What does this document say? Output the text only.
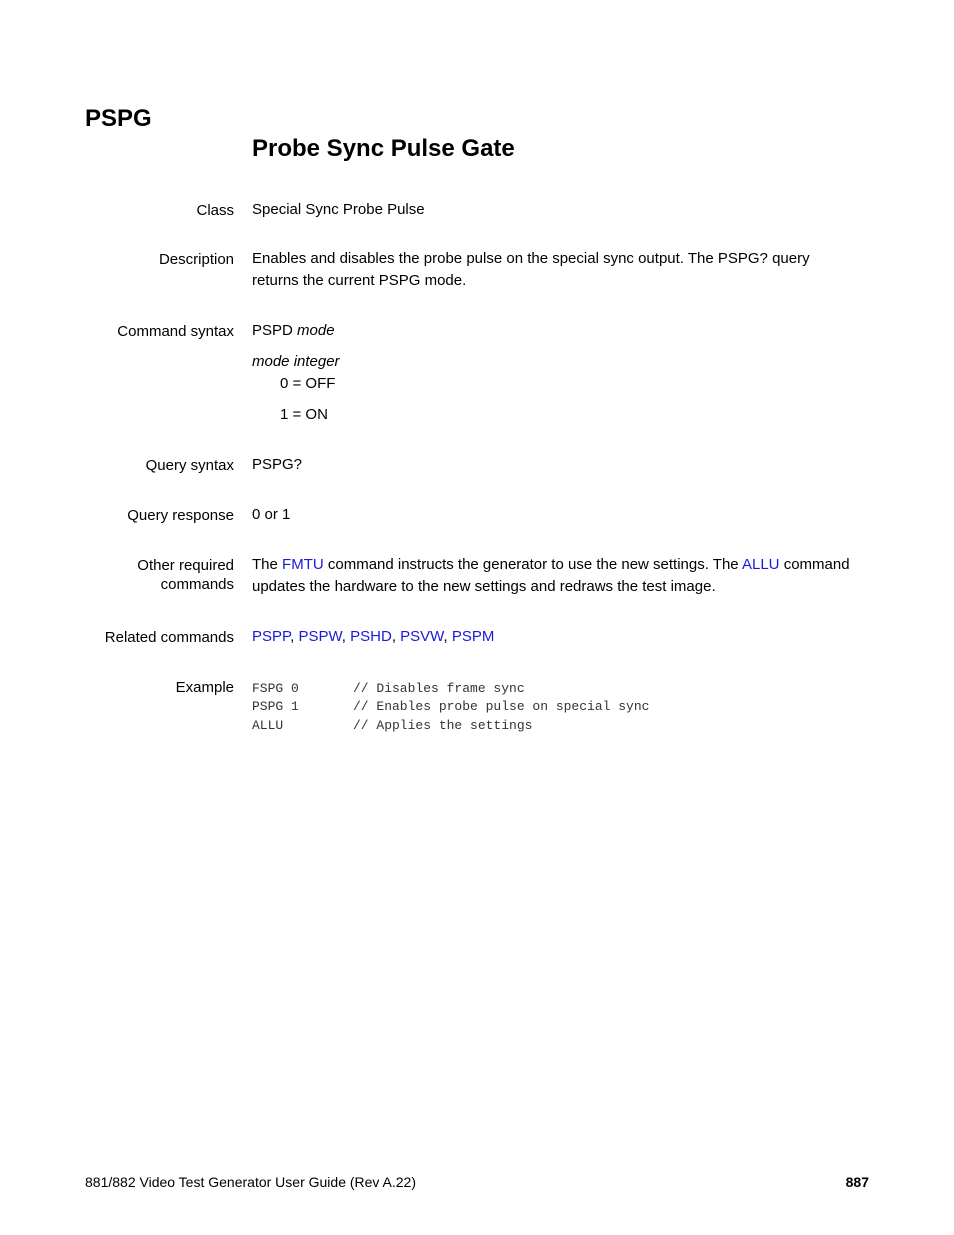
PSPG
Probe Sync Pulse Gate
Class Special Sync Probe Pulse
Description Enables and disables the probe pulse on the special sync output. The PSPG? query
returns the current PSPG mode.
Command syntax PSPD mode
mode integer
0 = OFF
1 = ON
Query syntax PSPG?
Query response 0 or 1
Other required
commands
The FMTU command instructs the generator to use the new settings. The ALLU command
updates the hardware to the new settings and redraws the test image.
Related commands PSPP, PSPW, PSHD, PSVW, PSPM
Example FSPG 0	// Disables frame sync
PSPG 1	// Enables probe pulse on special sync
ALLU	// Applies the settings
881/882 Video Test Generator User Guide (Rev A.22)	887
